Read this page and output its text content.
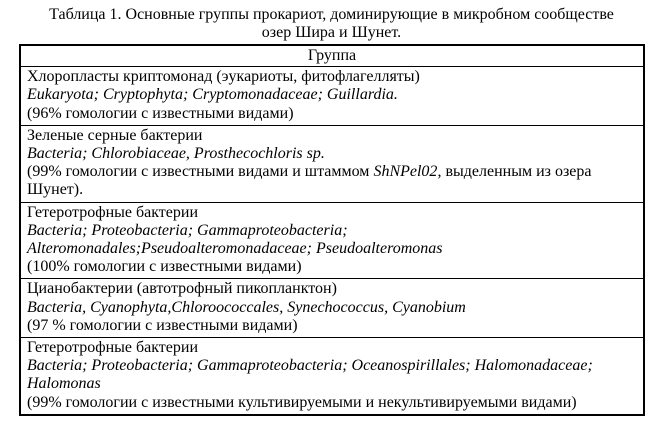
Таблица 1. Основные группы прокариот, доминирующие в микробном сообществе
озер Шира и Шунет.
Группа
Хлоропласты криптомонад (эукариоты, фитофлагелляты)
Eukaryota; Cryptophyta; Cryptomonadaceae; Guillardia.
(96% гомологии с известными видами)
Зеленые серные бактерии
Bacteria; Chlorobiaceae, Prosthecochloris sp.
(99% гомологии с известными видами и штаммом ShNPel02, выделенным из озера
Шунет).
Гетеротрофные бактерии
Bacteria; Proteobacteria; Gammaproteobacteria;
Alteromonadales;Pseudoalteromonadaceae; Pseudoalteromonas
(100% гомологии с известными видами)
Цианобактерии (автотрофный пикопланктон)
Bacteria, Cyanophyta,Chloroococcales, Synechococcus, Cyanobium
(97 % гомологии с известными видами)
Гетеротрофные бактерии
Bacteria; Proteobacteria; Gammaproteobacteria; Oceanospirillales; Halomonadaceae;
Halomonas
(99% гомологии с известными культивируемыми и некультивируемыми видами)
